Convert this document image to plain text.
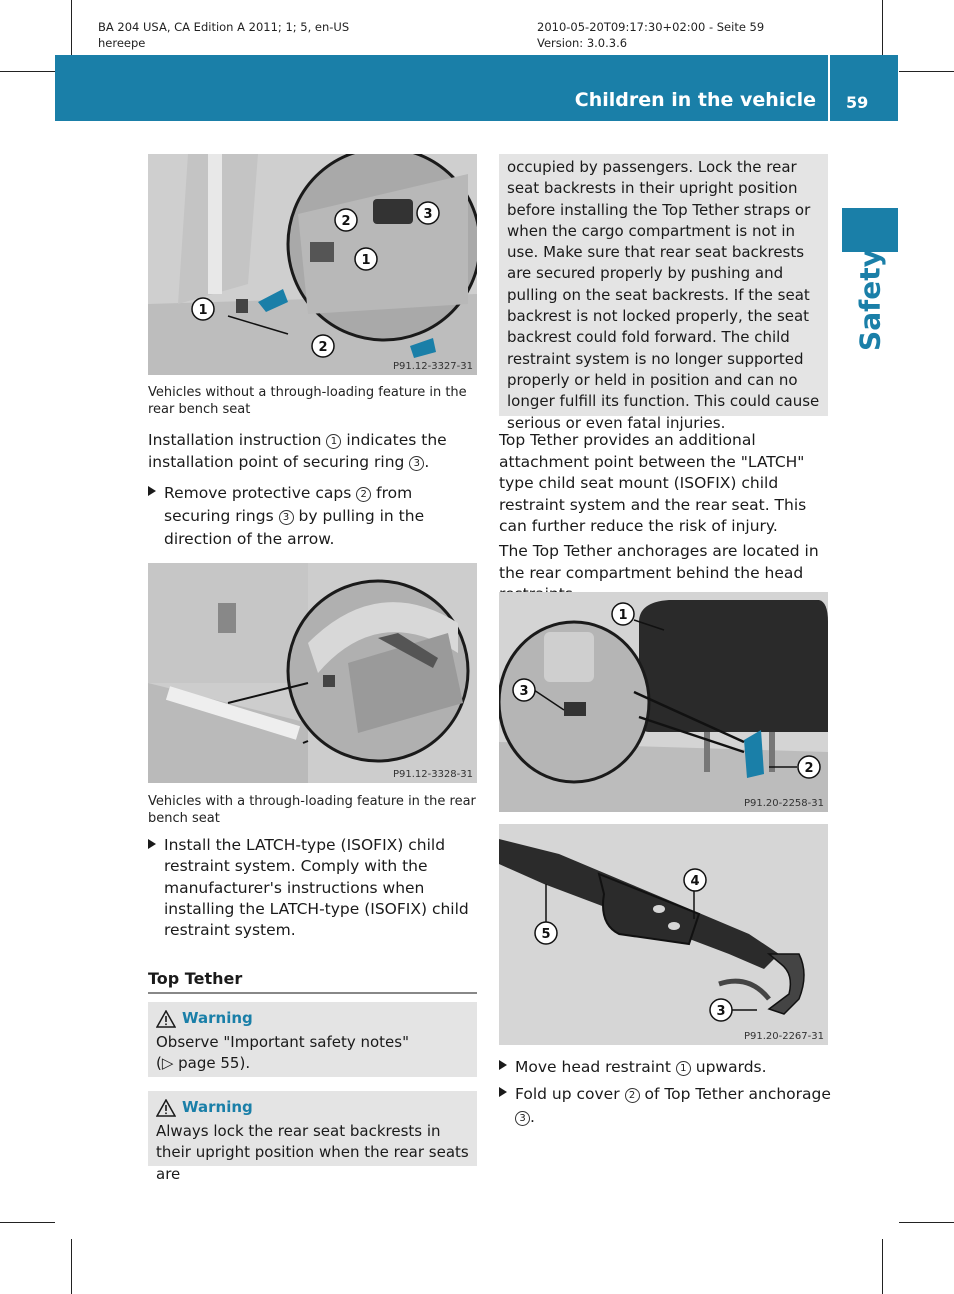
BA 204 USA, CA Edition A 2011; 1; 5, en-US
hereepe
2010-05-20T09:17:30+02:00 - Seite 59
Version: 3.0.3.6
Children in the vehicle 59
Safety
2	3
1
1
2
P91.12-3327-31
Vehicles without a through-loading feature in the rear bench seat
Installation instruction 1 indicates the installation point of securing ring 3 .
Remove protective caps 2 from securing rings 3 by pulling in the direction of the arrow.
P91.12-3328-31
Vehicles with a through-loading feature in the rear bench seat
Install the LATCH-type (ISOFIX) child restraint system. Comply with the manufacturer's instructions when installing the LATCH-type (ISOFIX) child restraint system.
Top Tether
Warning
Observe "Important safety notes"
(▷ page 55).
Warning
Always lock the rear seat backrests in their upright position when the rear seats are
occupied by passengers. Lock the rear seat backrests in their upright position before installing the Top Tether straps or when the cargo compartment is not in use. Make sure that rear seat backrests are secured properly by pushing and pulling on the seat backrests. If the seat backrest is not locked properly, the seat backrest could fold forward. The child restraint system is no longer supported properly or held in position and can no longer fulfill its function. This could cause serious or even fatal injuries.
Top Tether provides an additional attachment point between the "LATCH" type child seat mount (ISOFIX) child restraint system and the rear seat. This can further reduce the risk of injury.
The Top Tether anchorages are located in the rear compartment behind the head
1
3
2
P91.20-2258-31
4
5
3
P91.20-2267-31
Move head restraint 1 upwards.
Fold up cover 2 of Top Tether anchorage 3 .
